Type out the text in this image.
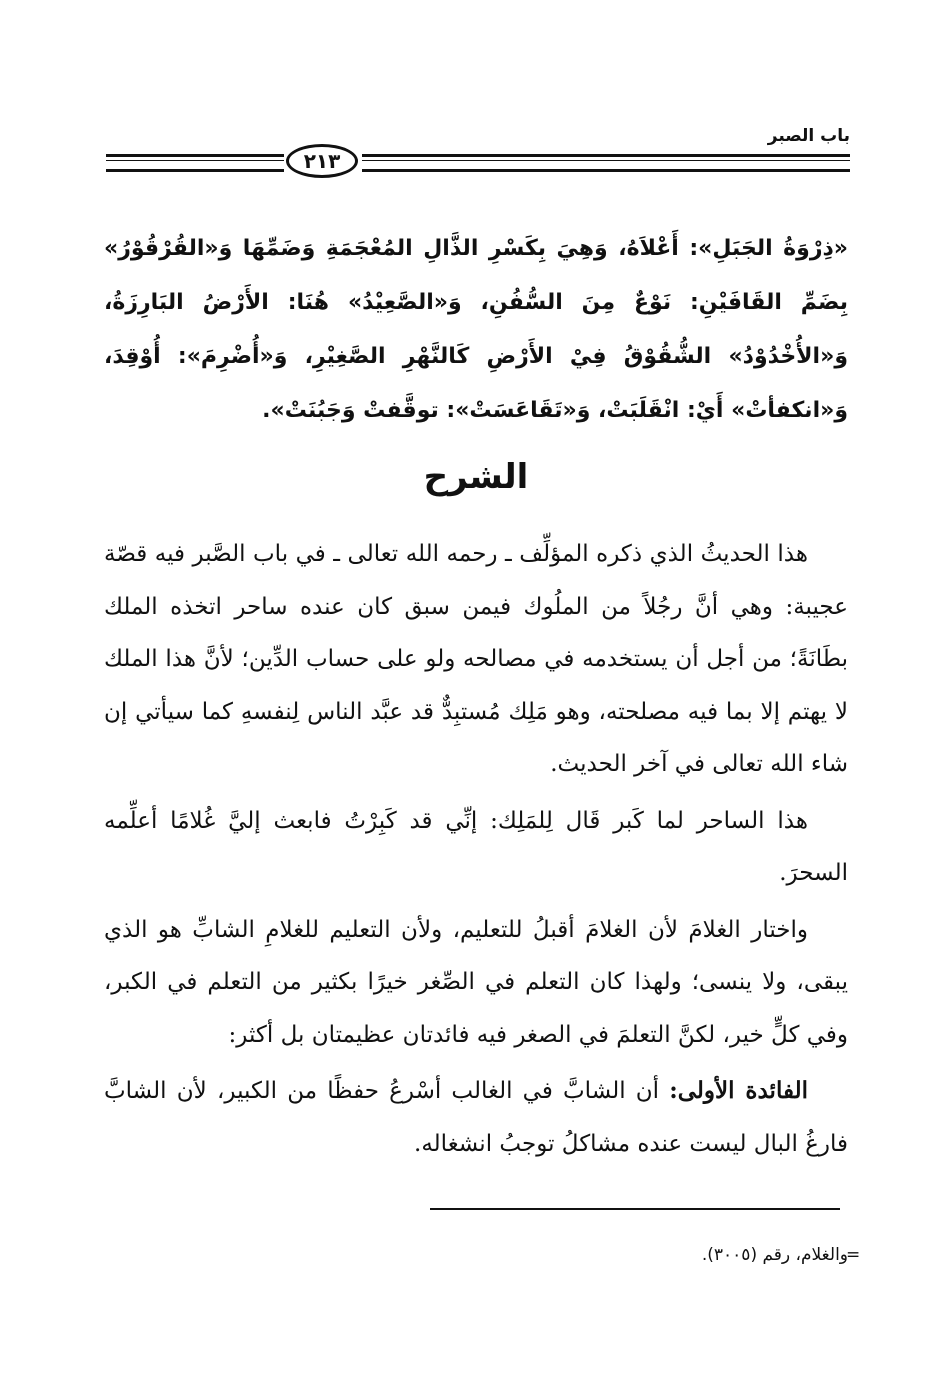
باب الصبر
٢١٣
«ذِرْوَةُ الجَبَلِ»: أَعْلاَهُ، وَهِيَ بِكَسْرِ الذَّالِ المُعْجَمَةِ وَضَمِّهَا وَ«القُرْقُوْرُ» بِضَمِّ القَافَيْنِ: نَوْعٌ مِنَ السُّفُنِ، وَ«الصَّعِيْدُ» هُنَا: الأَرْضُ البَارِزَةُ، وَ«الأُخْدُوْدُ» الشُّقُوْقُ فِيْ الأَرْضِ كَالنَّهْرِ الصَّغِيْرِ، وَ«أُضْرِمَ»: أُوْقِدَ، وَ«انكفأتْ» أَيْ: انْقَلَبَتْ، وَ«تَقَاعَسَتْ»: توقَّفتْ وَجَبُنَتْ».
الشرح

هذا الحديثُ الذي ذكره المؤلِّف ـ رحمه الله تعالى ـ في باب الصَّبر فيه قصّة عجيبة: وهي أنَّ رجُلاً من الملُوك فيمن سبق كان عنده ساحر اتخذه الملك بطَانَةً؛ من أجل أن يستخدمه في مصالحه ولو على حساب الدِّين؛ لأنَّ هذا الملك لا يهتم إلا بما فيه مصلحته، وهو مَلِك مُستبِدٌّ قد عبَّد الناس لِنفسهِ كما سيأتي إن شاء الله تعالى في آخر الحديث.

هذا الساحر لما كَبر قَال لِلمَلِك: إنِّي قد كَبِرْتُ فابعث إليَّ غُلامًا أعلِّمه السحرَ.

واختار الغلامَ لأن الغلامَ أقبلُ للتعليم، ولأن التعليم للغلامِ الشابِّ هو الذي يبقى، ولا ينسى؛ ولهذا كان التعلم في الصِّغر خيرًا بكثير من التعلم في الكبر، وفي كلٍّ خير، لكنَّ التعلمَ في الصغر فيه فائدتان عظيمتان بل أكثر:

الفائدة الأولى: أن الشابَّ في الغالب أسْرعُ حفظًا من الكبير، لأن الشابَّ فارغُ البال ليست عنده مشاكلُ توجبُ انشغاله.

والغلام، رقم (٣٠٠٥).
=
